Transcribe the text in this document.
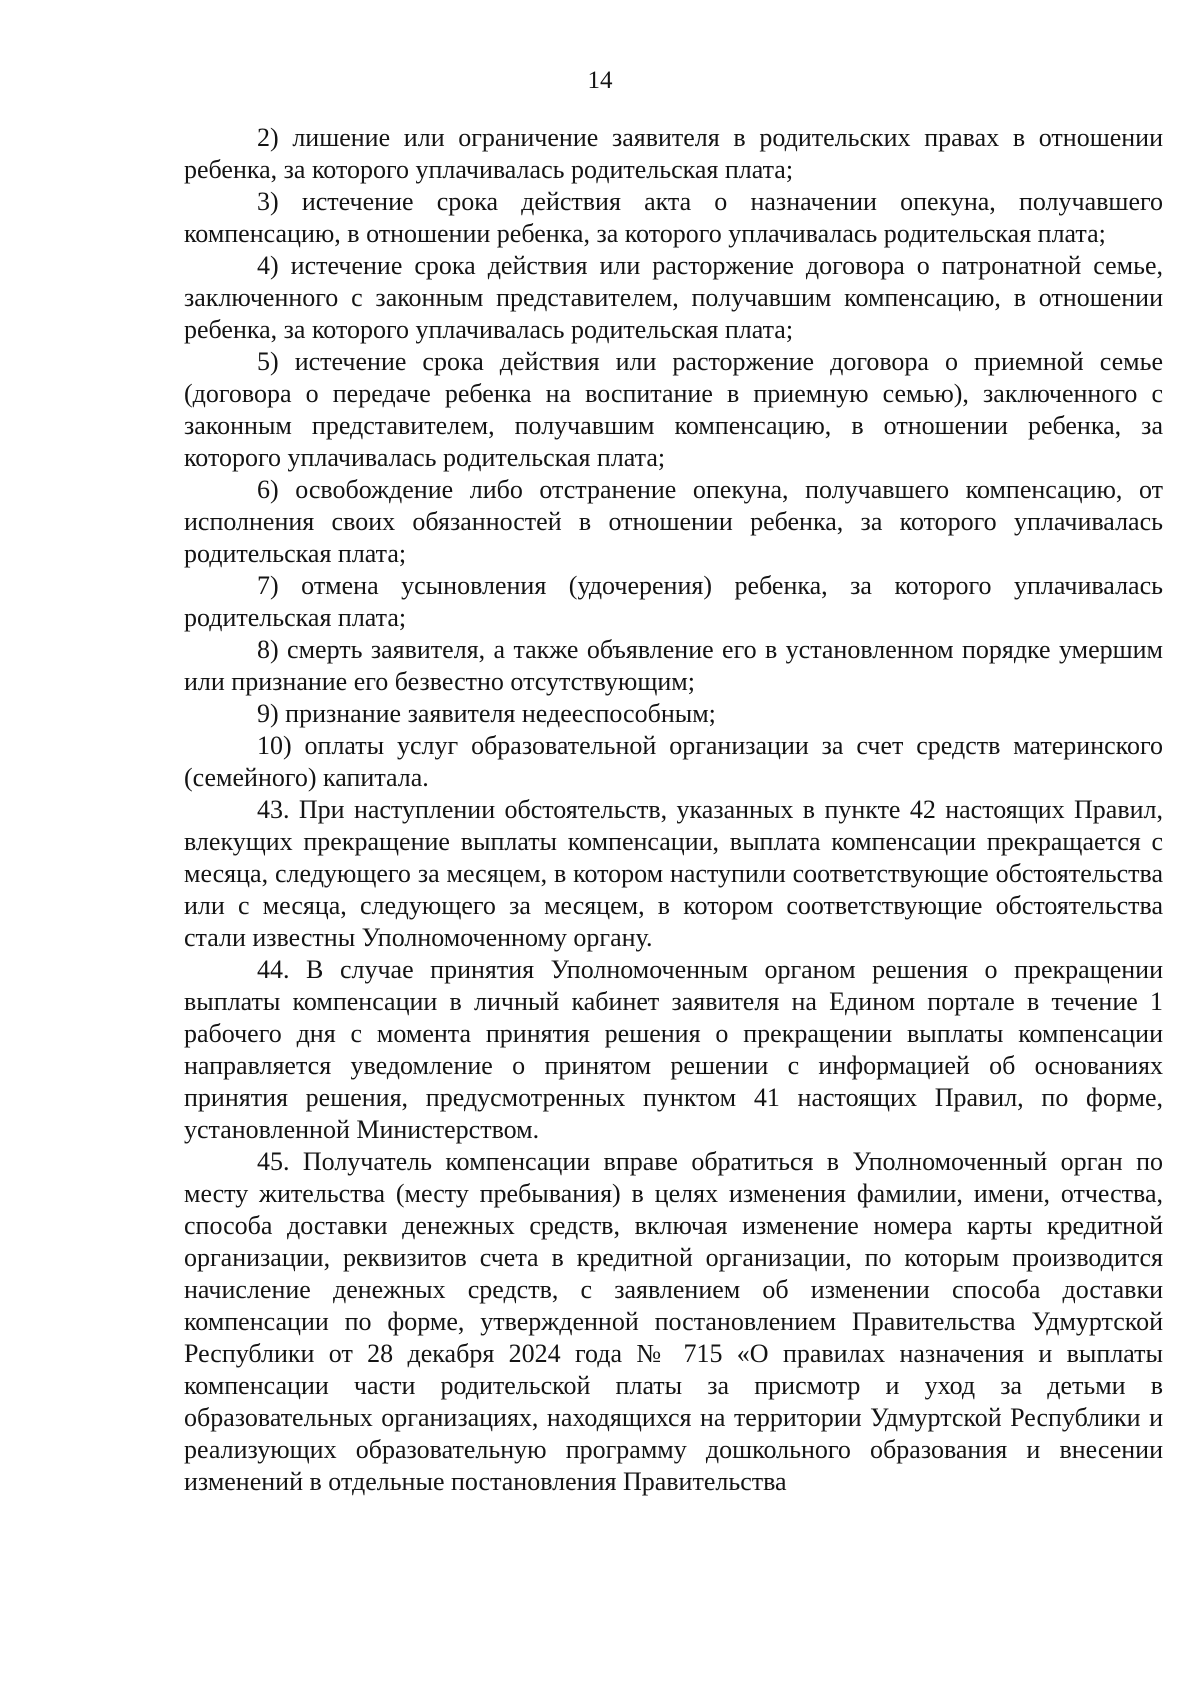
14

2) лишение или ограничение заявителя в родительских правах в отношении ребенка, за которого уплачивалась родительская плата;

3) истечение срока действия акта о назначении опекуна, получавшего компенсацию, в отношении ребенка, за которого уплачивалась родительская плата;

4) истечение срока действия или расторжение договора о патронатной семье, заключенного с законным представителем, получавшим компенсацию, в отношении ребенка, за которого уплачивалась родительская плата;

5) истечение срока действия или расторжение договора о приемной семье (договора о передаче ребенка на воспитание в приемную семью), заключенного с законным представителем, получавшим компенсацию, в отношении ребенка, за которого уплачивалась родительская плата;

6) освобождение либо отстранение опекуна, получавшего компенсацию, от исполнения своих обязанностей в отношении ребенка, за которого уплачивалась родительская плата;

7) отмена усыновления (удочерения) ребенка, за которого уплачивалась родительская плата;

8) смерть заявителя, а также объявление его в установленном порядке умершим или признание его безвестно отсутствующим;

9) признание заявителя недееспособным;

10) оплаты услуг образовательной организации за счет средств материнского (семейного) капитала.

43. При наступлении обстоятельств, указанных в пункте 42 настоящих Правил, влекущих прекращение выплаты компенсации, выплата компенсации прекращается с месяца, следующего за месяцем, в котором наступили соответствующие обстоятельства или с месяца, следующего за месяцем, в котором соответствующие обстоятельства стали известны Уполномоченному органу.

44. В случае принятия Уполномоченным органом решения о прекращении выплаты компенсации в личный кабинет заявителя на Едином портале в течение 1 рабочего дня с момента принятия решения о прекращении выплаты компенсации направляется уведомление о принятом решении с информацией об основаниях принятия решения, предусмотренных пунктом 41 настоящих Правил, по форме, установленной Министерством.

45. Получатель компенсации вправе обратиться в Уполномоченный орган по месту жительства (месту пребывания) в целях изменения фамилии, имени, отчества, способа доставки денежных средств, включая изменение номера карты кредитной организации, реквизитов счета в кредитной организации, по которым производится начисление денежных средств, с заявлением об изменении способа доставки компенсации по форме, утвержденной постановлением Правительства Удмуртской Республики от 28 декабря 2024 года № 715 «О правилах назначения и выплаты компенсации части родительской платы за присмотр и уход за детьми в образовательных организациях, находящихся на территории Удмуртской Республики и реализующих образовательную программу дошкольного образования и внесении изменений в отдельные постановления Правительства
